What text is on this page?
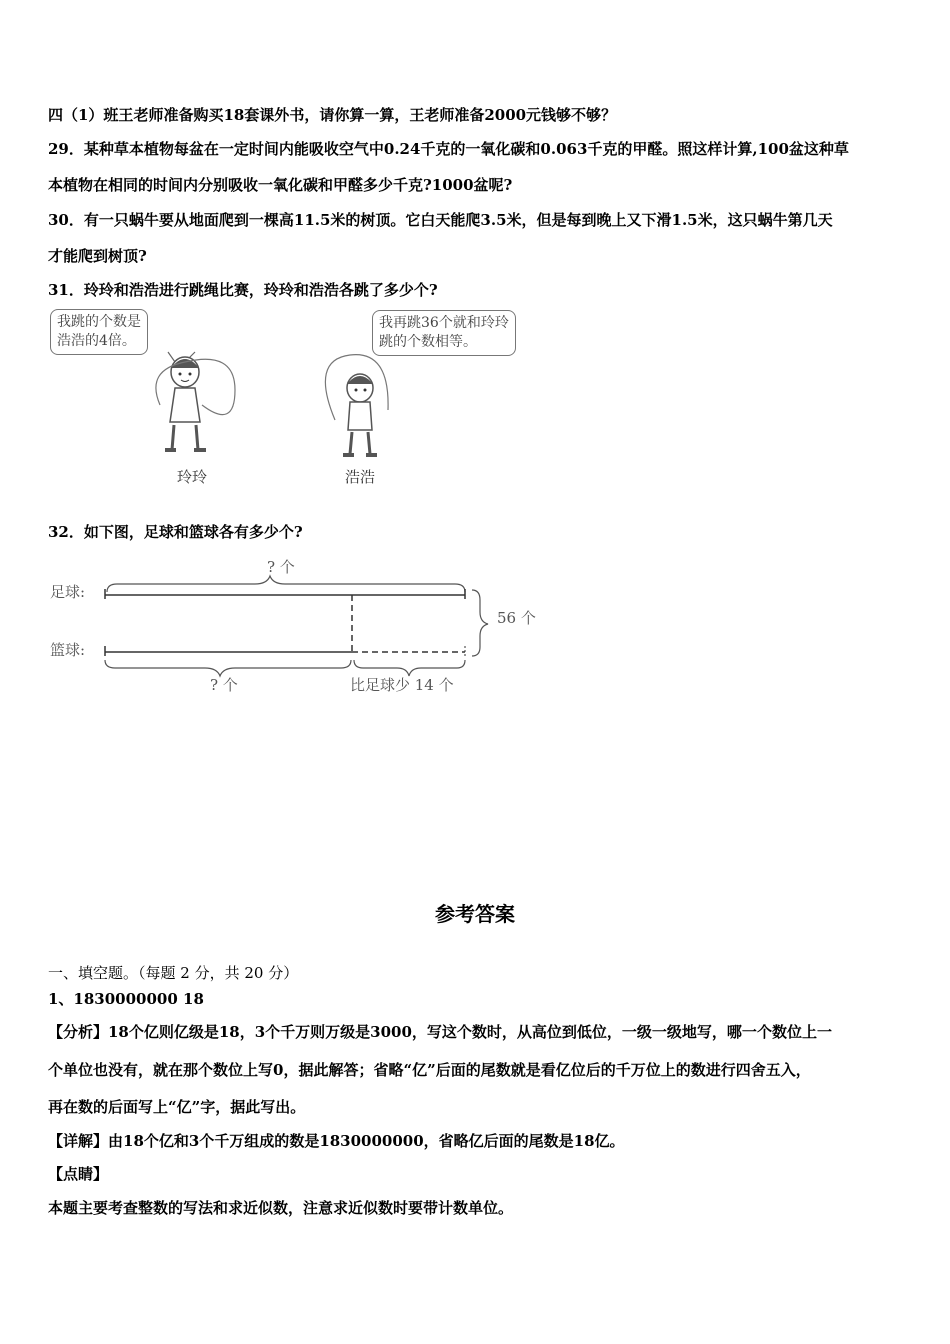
四（1）班王老师准备购买18套课外书，请你算一算，王老师准备2000元钱够不够？
29．某种草本植物每盆在一定时间内能吸收空气中0.24千克的一氧化碳和0.063千克的甲醛。照这样计算,100盆这种草
本植物在相同的时间内分别吸收一氧化碳和甲醛多少千克?1000盆呢?
30．有一只蜗牛要从地面爬到一棵高11.5米的树顶。它白天能爬3.5米，但是每到晚上又下滑1.5米，这只蜗牛第几天
才能爬到树顶?
31．玲玲和浩浩进行跳绳比赛，玲玲和浩浩各跳了多少个?
我跳的个数是
浩浩的4倍。
我再跳36个就和玲玲
跳的个数相等。
玲玲	浩浩
32．如下图，足球和篮球各有多少个?
足球:
篮球:
? 个
? 个	比足球少 14 个
56 个
参考答案
一、填空题。（每题 2 分，共 20 分）
1、1830000000 18
【分析】18个亿则亿级是18，3个千万则万级是3000，写这个数时，从高位到低位，一级一级地写，哪一个数位上一
个单位也没有，就在那个数位上写0，据此解答；省略“亿”后面的尾数就是看亿位后的千万位上的数进行四舍五入，
再在数的后面写上“亿”字，据此写出。
【详解】由18个亿和3个千万组成的数是1830000000，省略亿后面的尾数是18亿。
【点睛】
本题主要考查整数的写法和求近似数，注意求近似数时要带计数单位。
